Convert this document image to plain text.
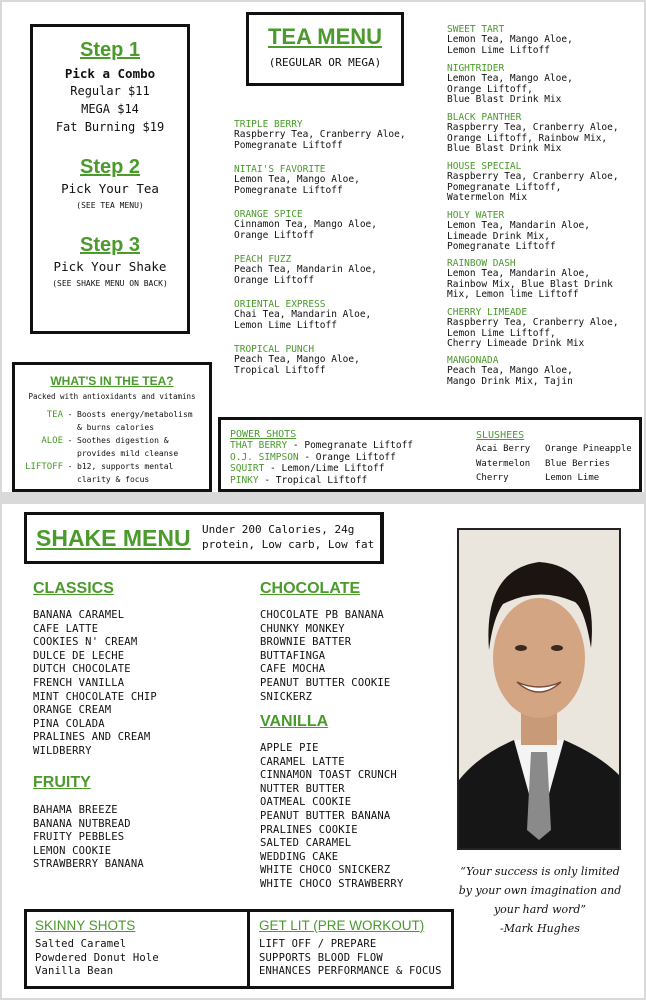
Step 1
Pick a Combo
Regular $11
MEGA $14
Fat Burning $19
Step 2
Pick Your Tea
(SEE TEA MENU)
Step 3
Pick Your Shake
(SEE SHAKE MENU ON BACK)
TEA MENU
(REGULAR OR MEGA)
TRIPLE BERRY
Raspberry Tea, Cranberry Aloe,
Pomegranate Liftoff
NITAI'S FAVORITE
Lemon Tea, Mango Aloe,
Pomegranate Liftoff
ORANGE SPICE
Cinnamon Tea, Mango Aloe,
Orange Liftoff
PEACH FUZZ
Peach Tea, Mandarin Aloe,
Orange Liftoff
ORIENTAL EXPRESS
Chai Tea, Mandarin Aloe,
Lemon Lime Liftoff
TROPICAL PUNCH
Peach Tea, Mango Aloe,
Tropical Liftoff
SWEET TART
Lemon Tea, Mango Aloe,
Lemon Lime Liftoff
NIGHTRIDER
Lemon Tea, Mango Aloe,
Orange Liftoff,
Blue Blast Drink Mix
BLACK PANTHER
Raspberry Tea, Cranberry Aloe,
Orange Liftoff, Rainbow Mix,
Blue Blast Drink Mix
HOUSE SPECIAL
Raspberry Tea, Cranberry Aloe,
Pomegranate Liftoff,
Watermelon Mix
HOLY WATER
Lemon Tea, Mandarin Aloe,
Limeade Drink Mix,
Pomegranate Liftoff
RAINBOW DASH
Lemon Tea, Mandarin Aloe,
Rainbow Mix, Blue Blast Drink
Mix, Lemon lime Liftoff
CHERRY LIMEADE
Raspberry Tea, Cranberry Aloe,
Lemon Lime Liftoff,
Cherry Limeade Drink Mix
MANGONADA
Peach Tea, Mango Aloe,
Mango Drink Mix, Tajin
WHAT'S IN THE TEA?
Packed with antioxidants and vitamins
TEA - Boosts energy/metabolism
& burns calories
ALOE - Soothes digestion &
provides mild cleanse
LIFTOFF - b12, supports mental
clarity & focus
POWER SHOTS
THAT BERRY - Pomegranate Liftoff
O.J. SIMPSON - Orange Liftoff
SQUIRT - Lemon/Lime Liftoff
PINKY - Tropical Liftoff
SLUSHEES
Acai Berry
Watermelon
Cherry
Orange Pineapple
Blue Berries
Lemon Lime
SHAKE MENU Under 200 Calories, 24g
protein, Low carb, Low fat
CLASSICS
BANANA CARAMEL
CAFE LATTE
COOKIES N' CREAM
DULCE DE LECHE
DUTCH CHOCOLATE
FRENCH VANILLA
MINT CHOCOLATE CHIP
ORANGE CREAM
PINA COLADA
PRALINES AND CREAM
WILDBERRY
FRUITY
BAHAMA BREEZE
BANANA NUTBREAD
FRUITY PEBBLES
LEMON COOKIE
STRAWBERRY BANANA
CHOCOLATE
CHOCOLATE PB BANANA
CHUNKY MONKEY
BROWNIE BATTER
BUTTAFINGA
CAFE MOCHA
PEANUT BUTTER COOKIE
SNICKERZ
VANILLA
APPLE PIE
CARAMEL LATTE
CINNAMON TOAST CRUNCH
NUTTER BUTTER
OATMEAL COOKIE
PEANUT BUTTER BANANA
PRALINES COOKIE
SALTED CARAMEL
WEDDING CAKE
WHITE CHOCO SNICKERZ
WHITE CHOCO STRAWBERRY
“Your success is only limited by your own imagination and your hard word”
-Mark Hughes
SKINNY SHOTS
Salted Caramel
Powdered Donut Hole
Vanilla Bean
GET LIT (PRE WORKOUT)
LIFT OFF / PREPARE
SUPPORTS BLOOD FLOW
ENHANCES PERFORMANCE & FOCUS
